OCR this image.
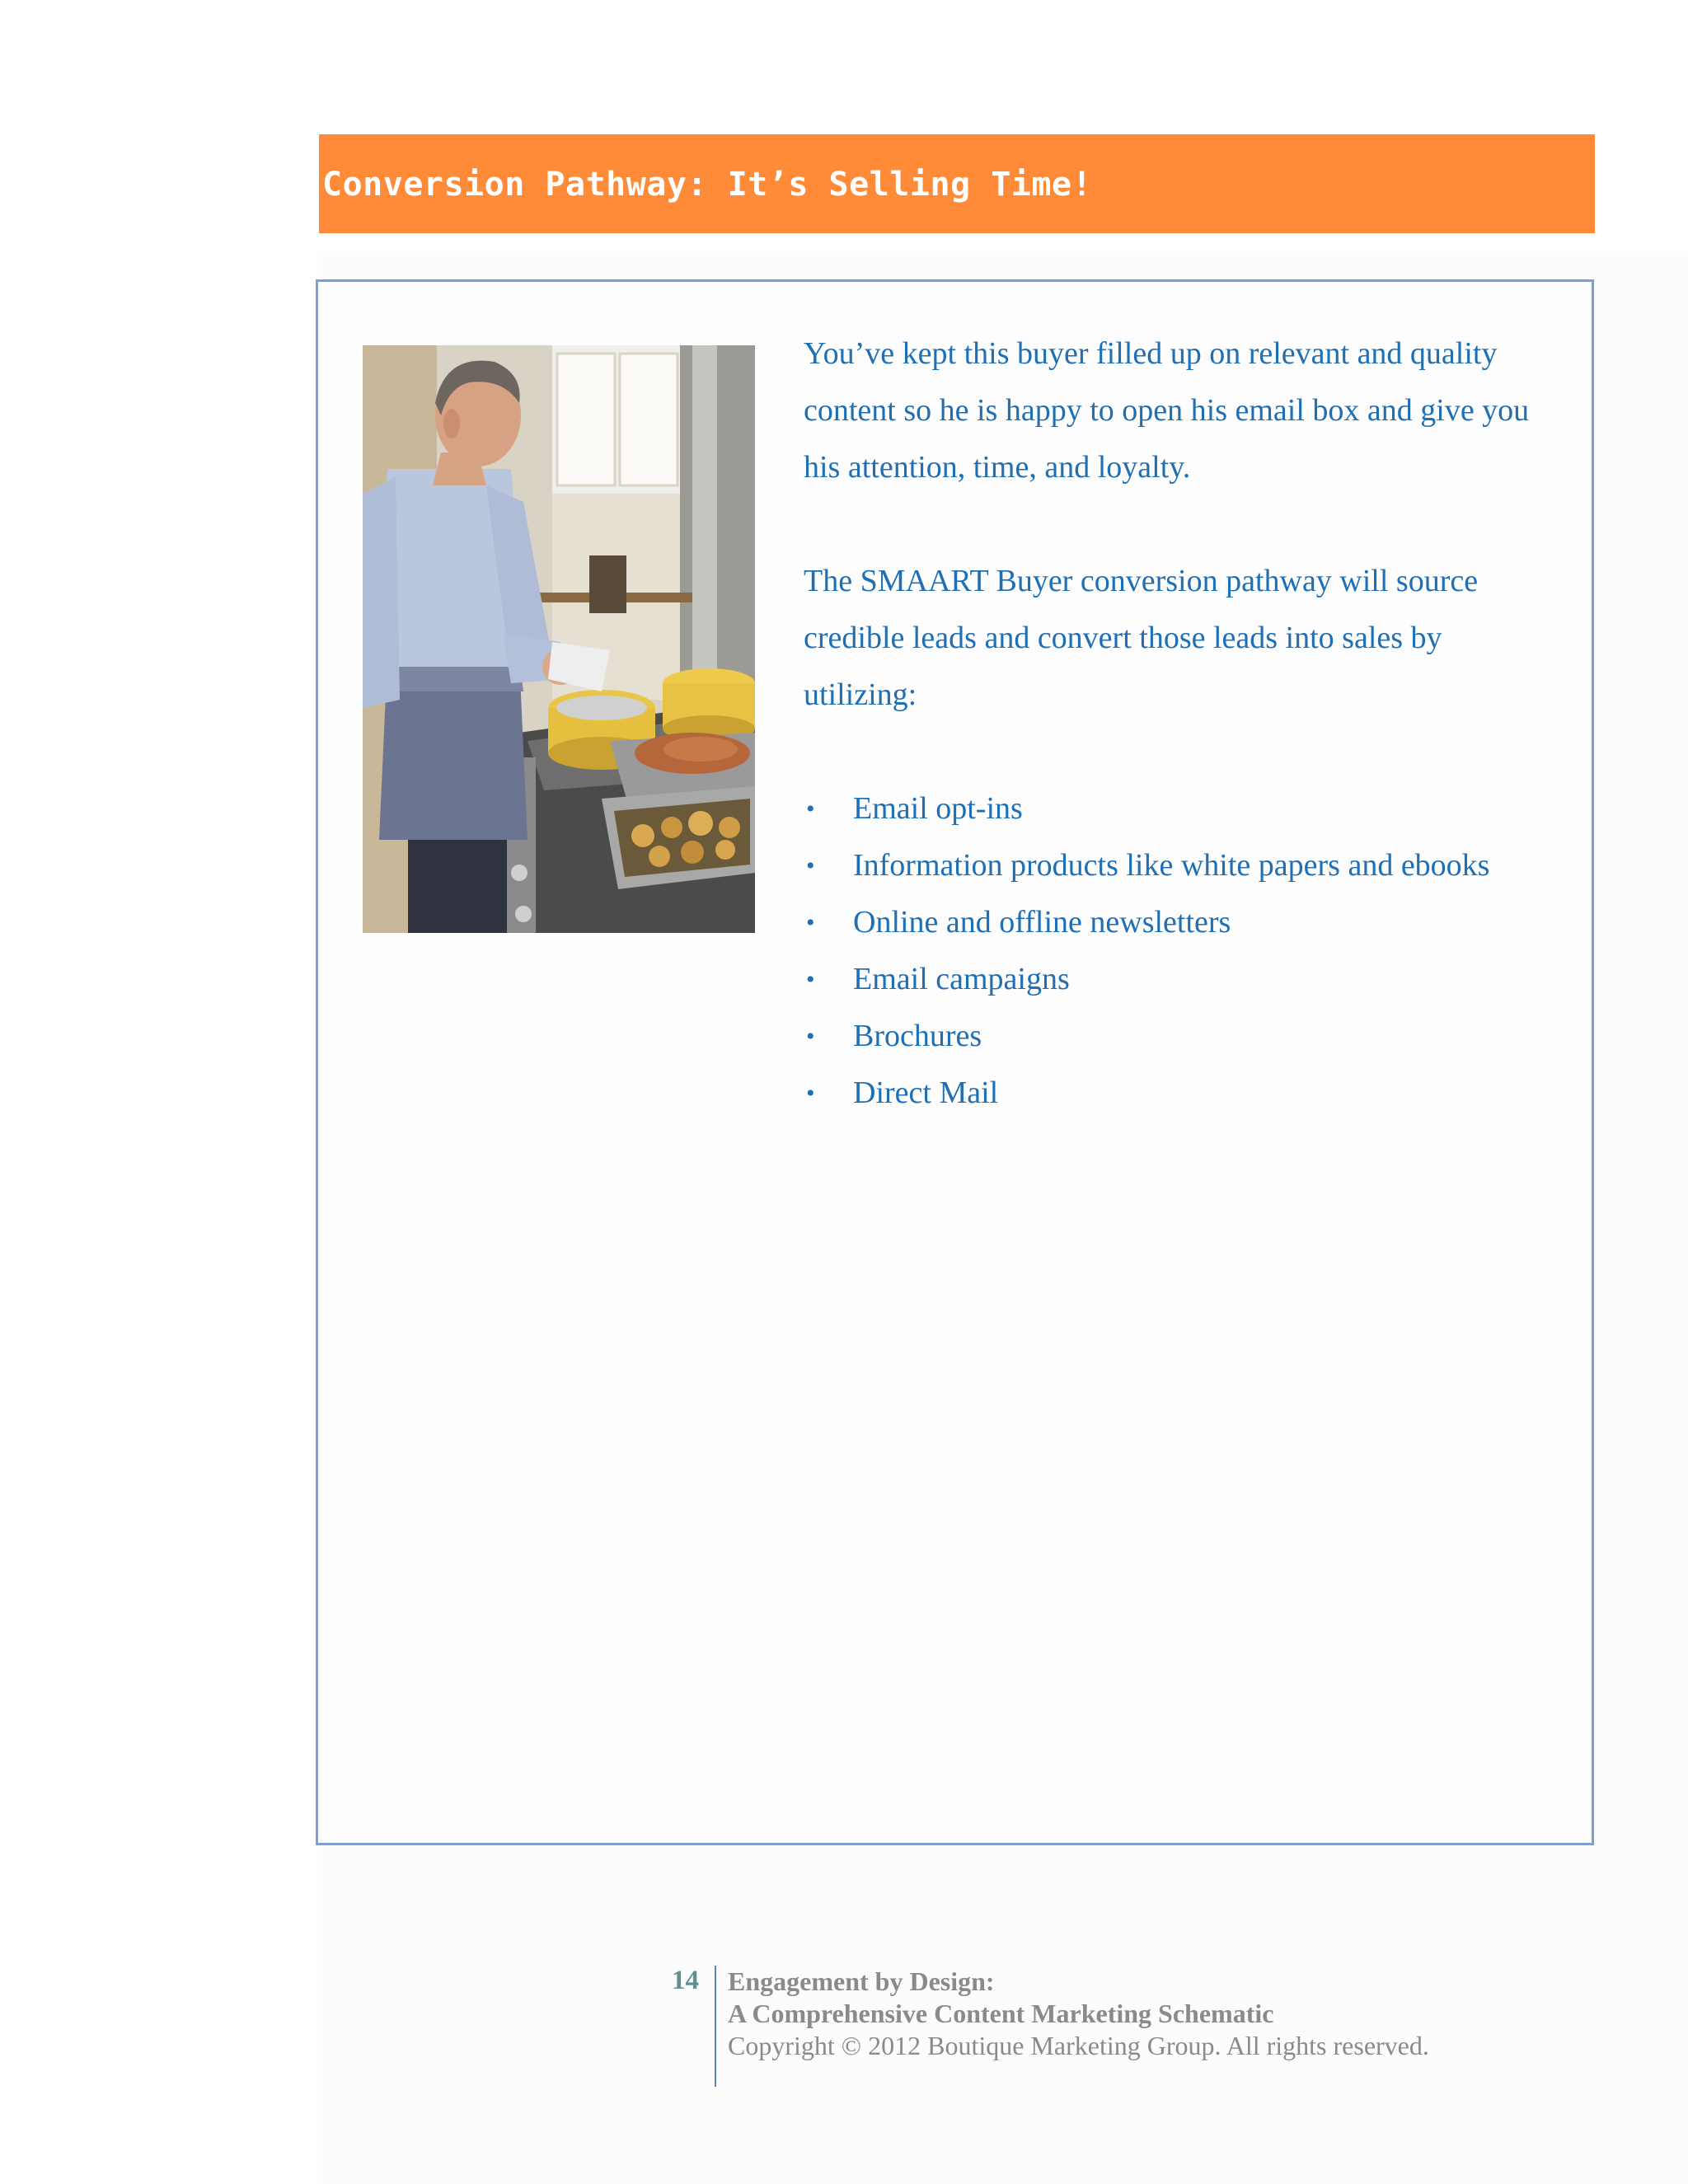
Conversion Pathway: It’s Selling Time!

You’ve kept this buyer filled up on relevant and quality content so he is happy to open his email box and give you his attention, time, and loyalty.

The SMAART Buyer conversion pathway will source credible leads and convert those leads into sales by utilizing:

• Email opt-ins
• Information products like white papers and ebooks
• Online and offline newsletters
• Email campaigns
• Brochures
• Direct Mail
14 Engagement by Design:
A Comprehensive Content Marketing Schematic
Copyright © 2012 Boutique Marketing Group. All rights reserved.
